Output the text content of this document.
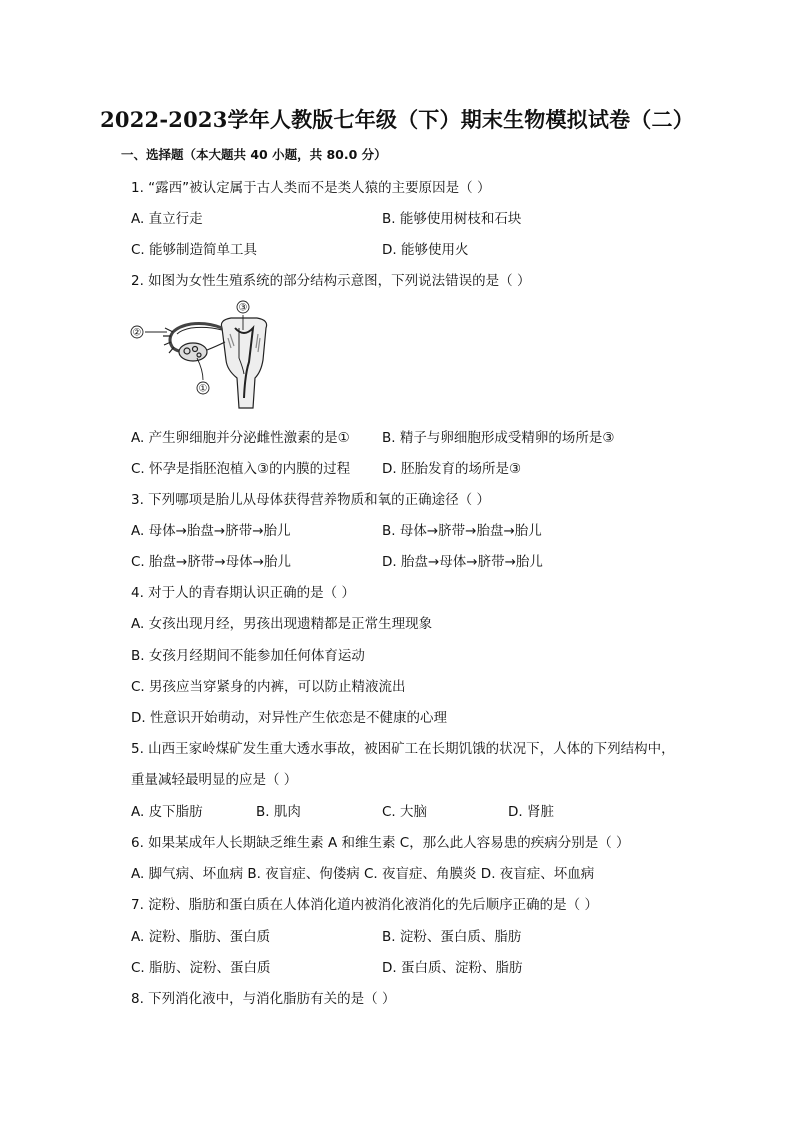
2022-2023学年人教版七年级（下）期末生物模拟试卷（二）
一、选择题（本大题共 40 小题，共 80.0 分）
1. “露西”被认定属于古人类而不是类人猿的主要原因是（ ）
A. 直立行走	B. 能够使用树枝和石块
C. 能够制造简单工具	D. 能够使用火
2. 如图为女性生殖系统的部分结构示意图，下列说法错误的是（ ）
③
②
①
A. 产生卵细胞并分泌雌性激素的是① B. 精子与卵细胞形成受精卵的场所是③
C. 怀孕是指胚泡植入③的内膜的过程 D. 胚胎发育的场所是③
3. 下列哪项是胎儿从母体获得营养物质和氧的正确途径（ ）
A. 母体→胎盘→脐带→胎儿	B. 母体→脐带→胎盘→胎儿
C. 胎盘→脐带→母体→胎儿	D. 胎盘→母体→脐带→胎儿
4. 对于人的青春期认识正确的是（ ）
A. 女孩出现月经，男孩出现遗精都是正常生理现象
B. 女孩月经期间不能参加任何体育运动
C. 男孩应当穿紧身的内裤，可以防止精液流出
D. 性意识开始萌动，对异性产生依恋是不健康的心理
5. 山西王家岭煤矿发生重大透水事故，被困矿工在长期饥饿的状况下，人体的下列结构中，
重量减轻最明显的应是（ ）
A. 皮下脂肪	B. 肌肉	C. 大脑	D. 肾脏
6. 如果某成年人长期缺乏维生素 A 和维生素 C，那么此人容易患的疾病分别是（ ）
A. 脚气病、坏血病 B. 夜盲症、佝偻病 C. 夜盲症、角膜炎 D. 夜盲症、坏血病
7. 淀粉、脂肪和蛋白质在人体消化道内被消化液消化的先后顺序正确的是（ ）
A. 淀粉、脂肪、蛋白质	B. 淀粉、蛋白质、脂肪
C. 脂肪、淀粉、蛋白质	D. 蛋白质、淀粉、脂肪
8. 下列消化液中，与消化脂肪有关的是（ ）
